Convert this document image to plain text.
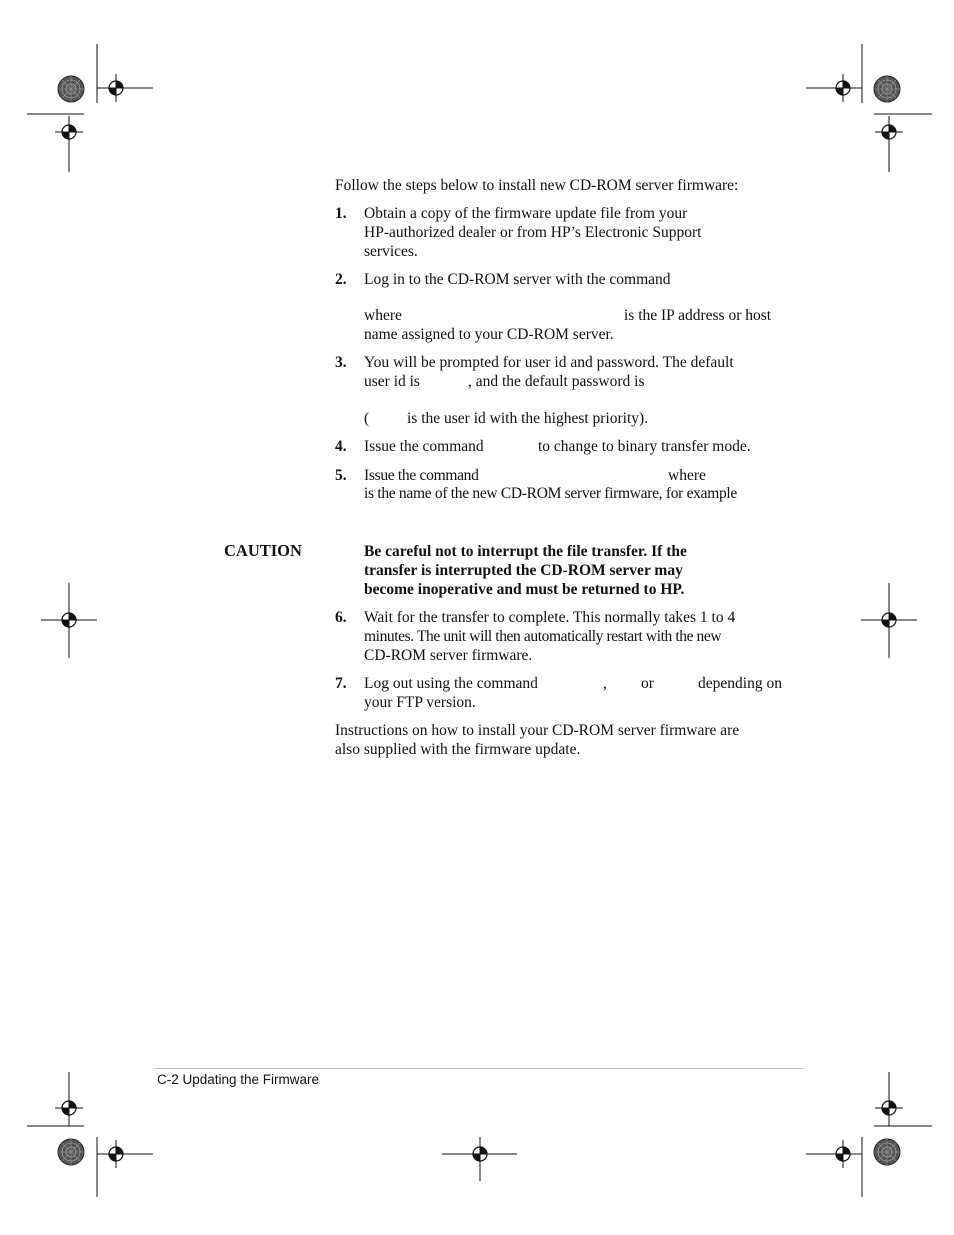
Follow the steps below to install new CD-ROM server firmware:
1. Obtain a copy of the firmware update file from your
HP-authorized dealer or from HP’s Electronic Support
services.
2. Log in to the CD-ROM server with the command
where	is the IP address or host
name assigned to your CD-ROM server.
3. You will be prompted for user id and password. The default
user id is	, and the default password is
( is the user id with the highest priority).
4. Issue the command	to change to binary transfer mode.
5. Issue the command	where
is the name of the new CD-ROM server firmware, for example
CAUTION	Be careful not to interrupt the file transfer. If the
transfer is interrupted the CD-ROM server may
become inoperative and must be returned to HP.
6. Wait for the transfer to complete. This normally takes 1 to 4
minutes. The unit will then automatically restart with the new
CD-ROM server firmware.
7. Log out using the command	, or	depending on
your FTP version.
Instructions on how to install your CD-ROM server firmware are
also supplied with the firmware update.
C-2 Updating the Firmware
